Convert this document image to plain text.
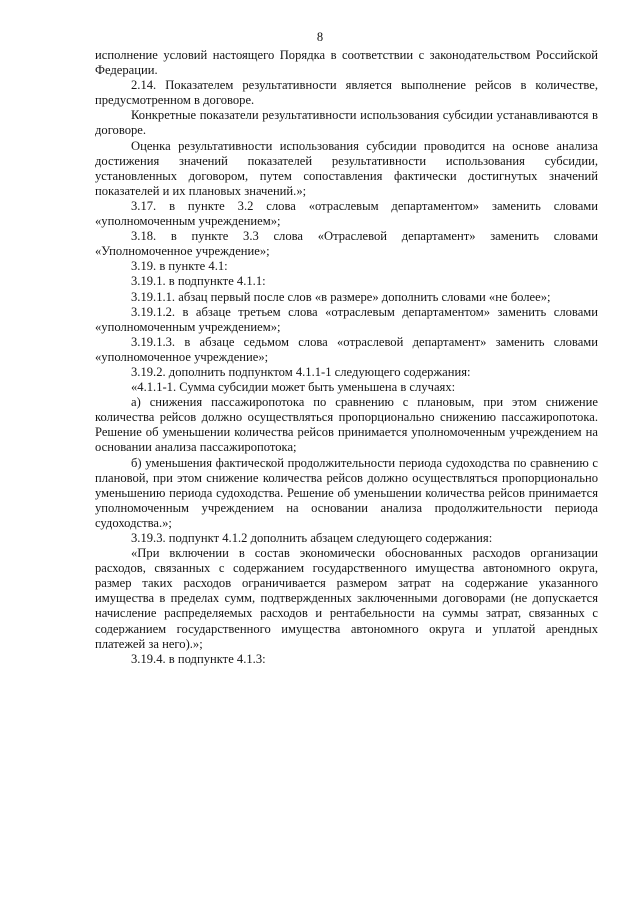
8

исполнение условий настоящего Порядка в соответствии с законодательством Российской Федерации.

2.14. Показателем результативности является выполнение рейсов в количестве, предусмотренном в договоре.

Конкретные показатели результативности использования субсидии устанавливаются в договоре.

Оценка результативности использования субсидии проводится на основе анализа достижения значений показателей результативности использования субсидии, установленных договором, путем сопоставления фактически достигнутых значений показателей и их плановых значений.»;

3.17. в пункте 3.2 слова «отраслевым департаментом» заменить словами «уполномоченным учреждением»;

3.18. в пункте 3.3 слова «Отраслевой департамент» заменить словами «Уполномоченное учреждение»;

3.19. в пункте 4.1:

3.19.1. в подпункте 4.1.1:

3.19.1.1. абзац первый после слов «в размере» дополнить словами «не более»;

3.19.1.2. в абзаце третьем слова «отраслевым департаментом» заменить словами «уполномоченным учреждением»;

3.19.1.3. в абзаце седьмом слова «отраслевой департамент» заменить словами «уполномоченное учреждение»;

3.19.2. дополнить подпунктом 4.1.1-1 следующего содержания:

«4.1.1-1. Сумма субсидии может быть уменьшена в случаях:

а) снижения пассажиропотока по сравнению с плановым, при этом снижение количества рейсов должно осуществляться пропорционально снижению пассажиропотока. Решение об уменьшении количества рейсов принимается уполномоченным учреждением на основании анализа пассажиропотока;

б) уменьшения фактической продолжительности периода судоходства по сравнению с плановой, при этом снижение количества рейсов должно осуществляться пропорционально уменьшению периода судоходства. Решение об уменьшении количества рейсов принимается уполномоченным учреждением на основании анализа продолжительности периода судоходства.»;

3.19.3. подпункт 4.1.2 дополнить абзацем следующего содержания:

«При включении в состав экономически обоснованных расходов организации расходов, связанных с содержанием государственного имущества автономного округа, размер таких расходов ограничивается размером затрат на содержание указанного имущества в пределах сумм, подтвержденных заключенными договорами (не допускается начисление распределяемых расходов и рентабельности на суммы затрат, связанных с содержанием государственного имущества автономного округа и уплатой арендных платежей за него).»;

3.19.4. в подпункте 4.1.3:
